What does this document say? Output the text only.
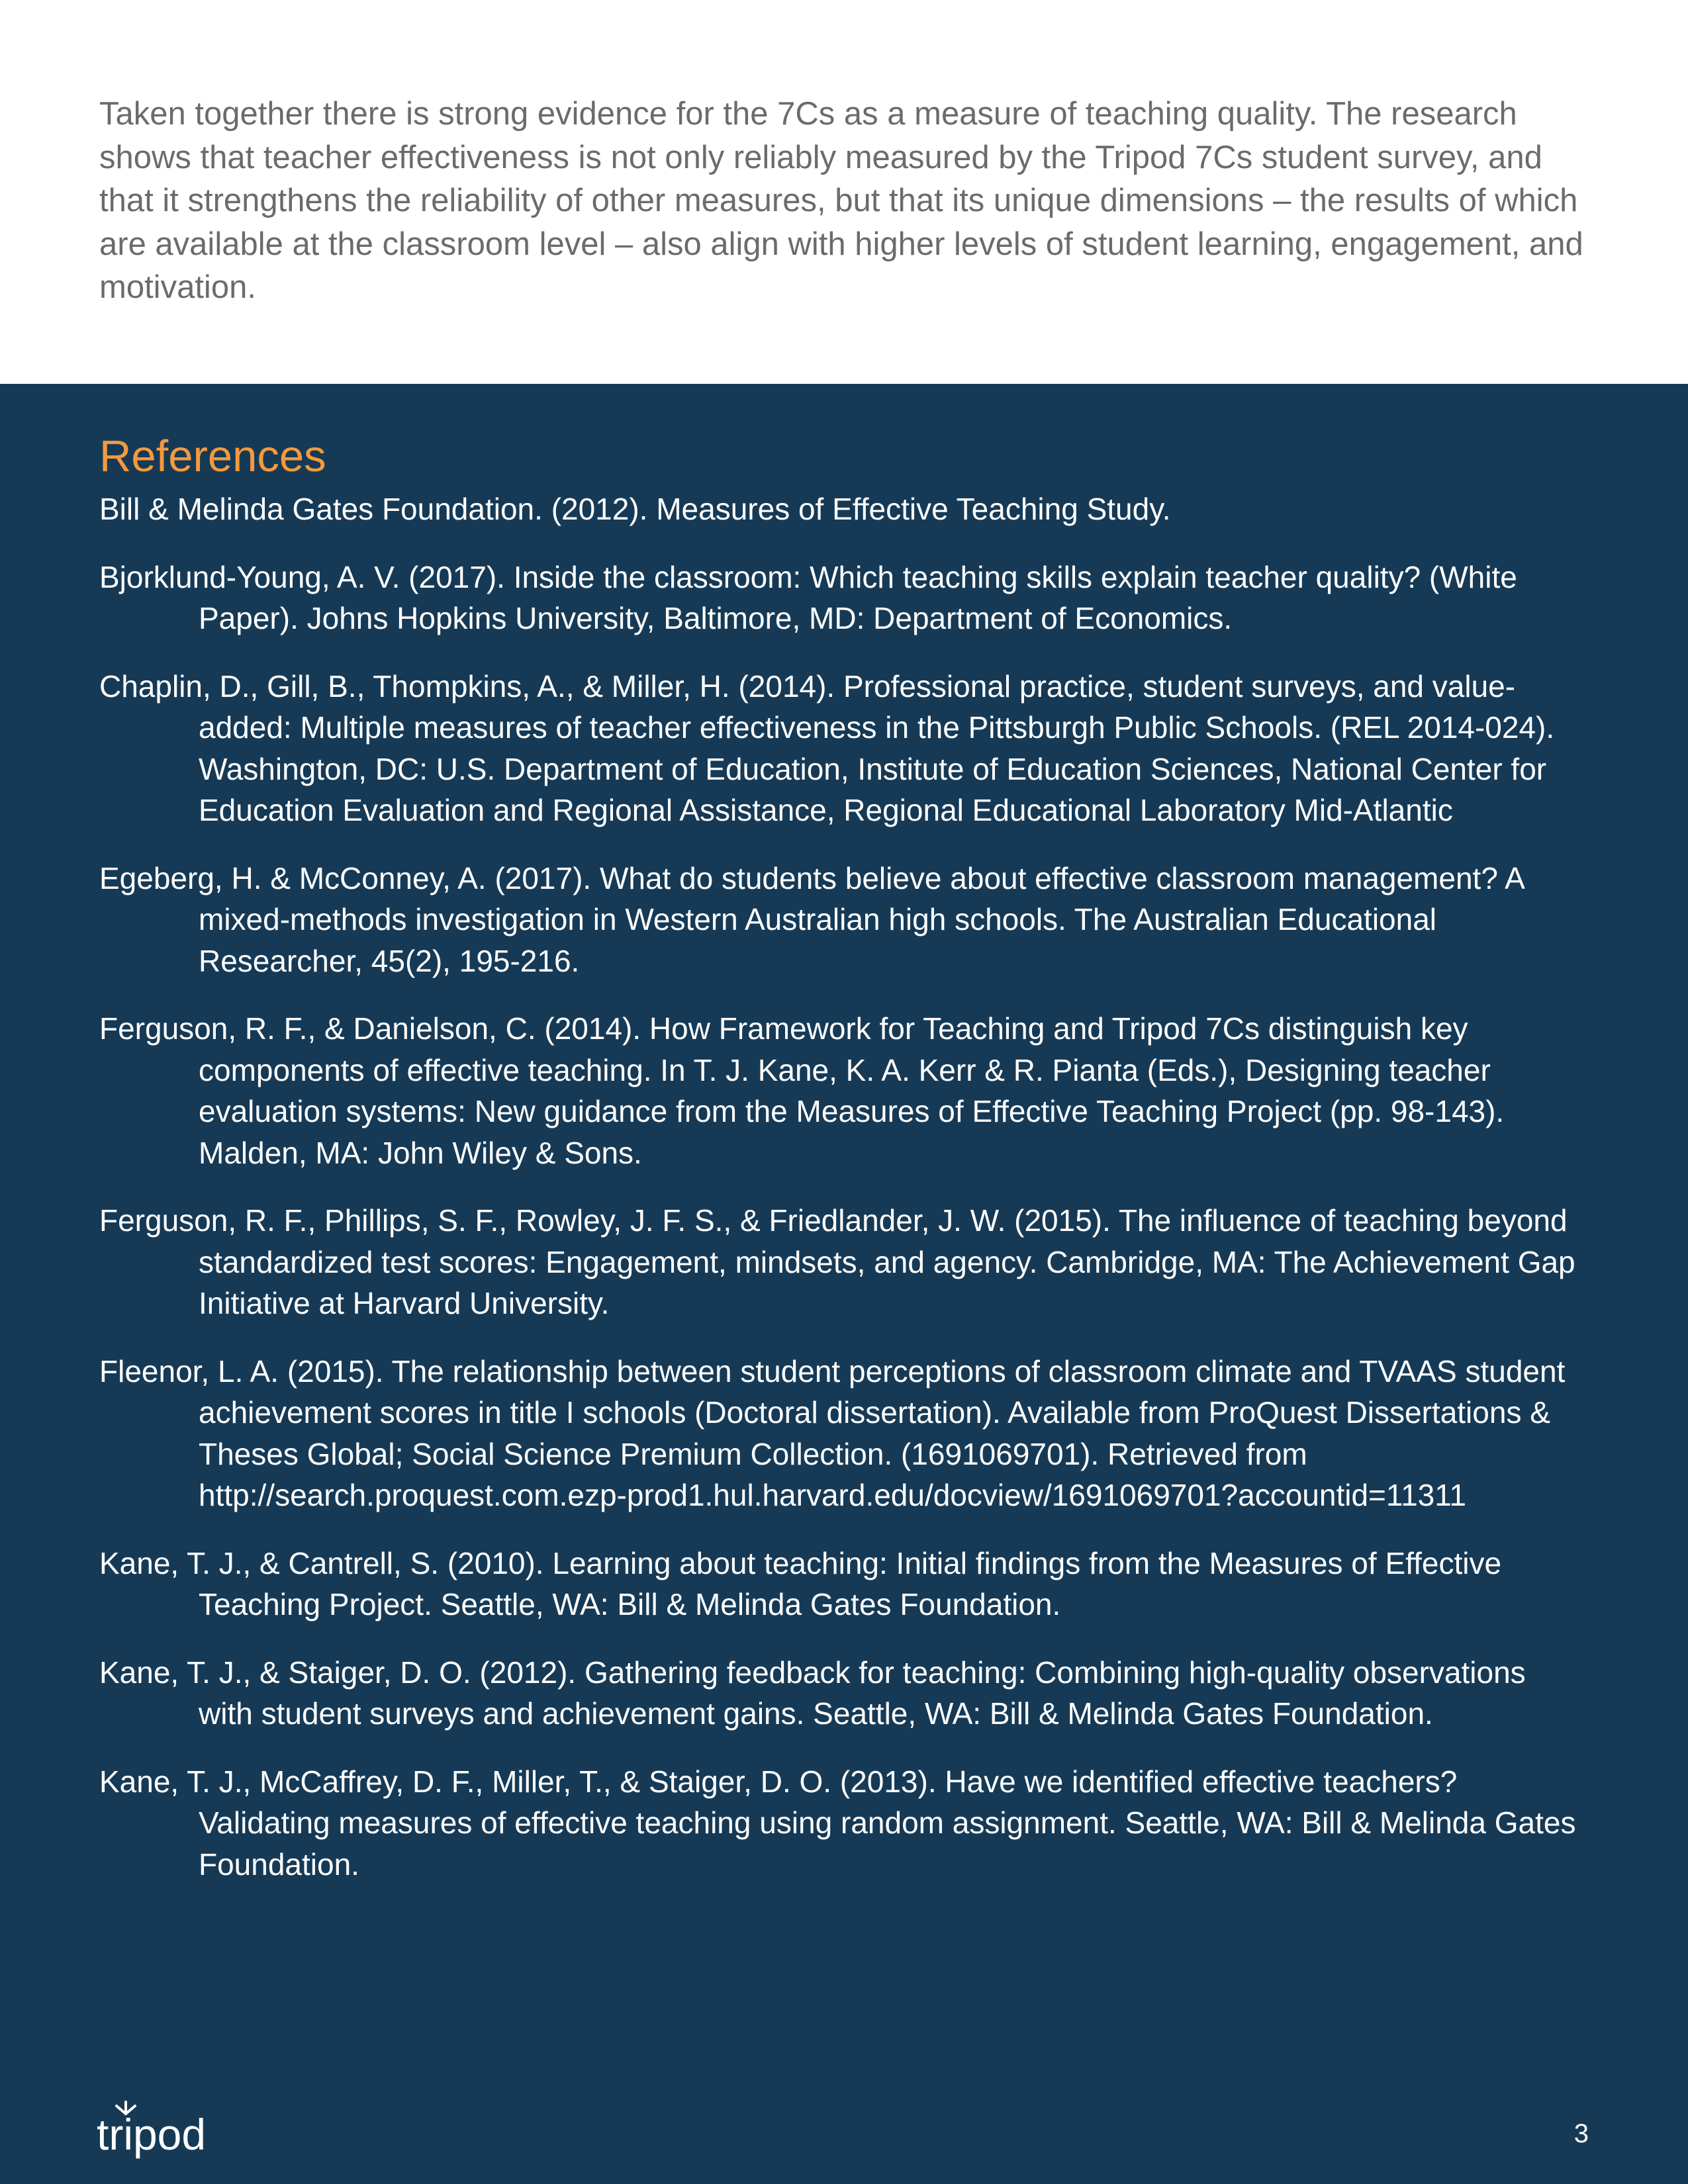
Taken together there is strong evidence for the 7Cs as a measure of teaching quality. The research shows that teacher effectiveness is not only reliably measured by the Tripod 7Cs student survey, and that it strengthens the reliability of other measures, but that its unique dimensions – the results of which are available at the classroom level – also align with higher levels of student learning, engagement, and motivation.

References
Bill & Melinda Gates Foundation. (2012). Measures of Effective Teaching Study.
Bjorklund-Young, A. V. (2017). Inside the classroom: Which teaching skills explain teacher quality? (White Paper). Johns Hopkins University, Baltimore, MD: Department of Economics.
Chaplin, D., Gill, B., Thompkins, A., & Miller, H. (2014). Professional practice, student surveys, and value-added: Multiple measures of teacher effectiveness in the Pittsburgh Public Schools. (REL 2014-024). Washington, DC: U.S. Department of Education, Institute of Education Sciences, National Center for Education Evaluation and Regional Assistance, Regional Educational Laboratory Mid-Atlantic
Egeberg, H. & McConney, A. (2017). What do students believe about effective classroom management? A mixed-methods investigation in Western Australian high schools. The Australian Educational Researcher, 45(2), 195-216.
Ferguson, R. F., & Danielson, C. (2014). How Framework for Teaching and Tripod 7Cs distinguish key components of effective teaching. In T. J. Kane, K. A. Kerr & R. Pianta (Eds.), Designing teacher evaluation systems: New guidance from the Measures of Effective Teaching Project (pp. 98-143). Malden, MA: John Wiley & Sons.
Ferguson, R. F., Phillips, S. F., Rowley, J. F. S., & Friedlander, J. W. (2015). The influence of teaching beyond standardized test scores: Engagement, mindsets, and agency. Cambridge, MA: The Achievement Gap Initiative at Harvard University.
Fleenor, L. A. (2015). The relationship between student perceptions of classroom climate and TVAAS student achievement scores in title I schools (Doctoral dissertation). Available from ProQuest Dissertations & Theses Global; Social Science Premium Collection. (1691069701). Retrieved from http://search.proquest.com.ezp-prod1.hul.harvard.edu/docview/1691069701?accountid=11311
Kane, T. J., & Cantrell, S. (2010). Learning about teaching: Initial findings from the Measures of Effective Teaching Project. Seattle, WA: Bill & Melinda Gates Foundation.
Kane, T. J., & Staiger, D. O. (2012). Gathering feedback for teaching: Combining high-quality observations with student surveys and achievement gains. Seattle, WA: Bill & Melinda Gates Foundation.
Kane, T. J., McCaffrey, D. F., Miller, T., & Staiger, D. O. (2013). Have we identified effective teachers? Validating measures of effective teaching using random assignment. Seattle, WA: Bill & Melinda Gates Foundation.
tripod	3
